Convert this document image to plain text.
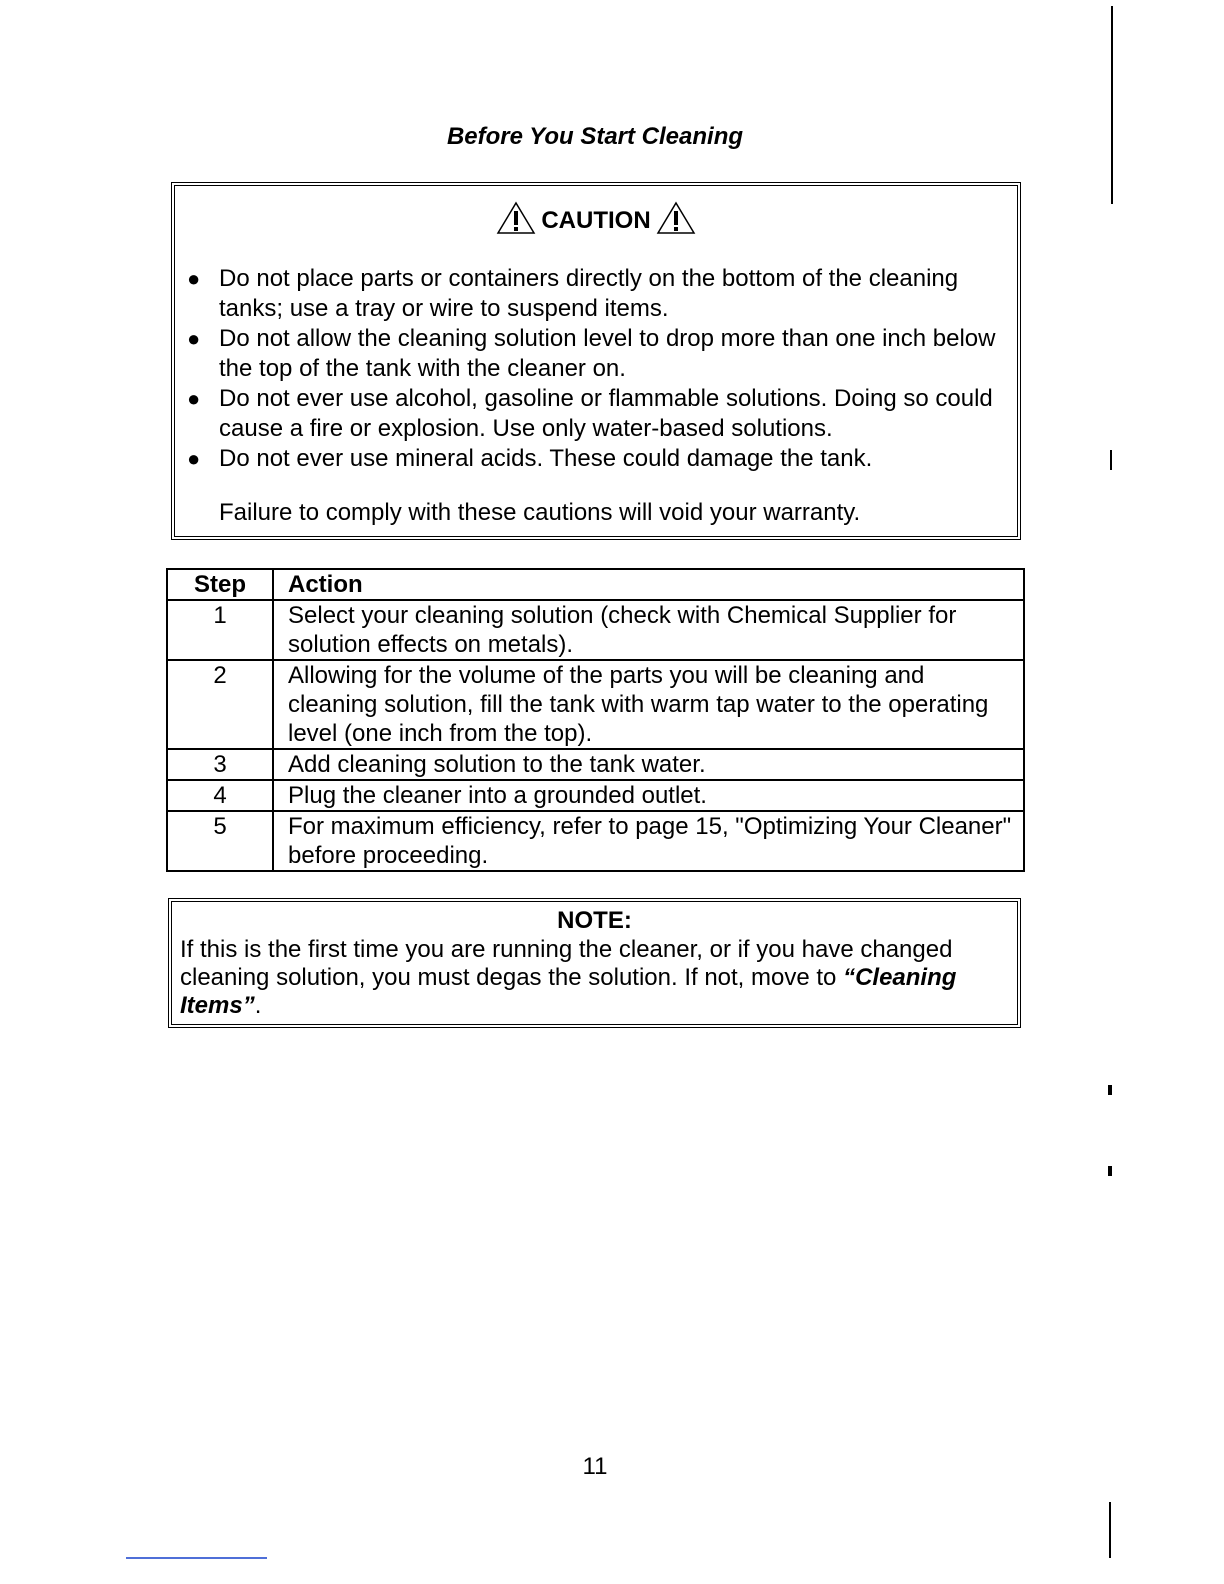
Before You Start Cleaning
CAUTION
● Do not place parts or containers directly on the bottom of the cleaning tanks; use a tray or wire to suspend items.
● Do not allow the cleaning solution level to drop more than one inch below the top of the tank with the cleaner on.
● Do not ever use alcohol, gasoline or flammable solutions. Doing so could cause a fire or explosion. Use only water-based solutions.
● Do not ever use mineral acids. These could damage the tank.
Failure to comply with these cautions will void your warranty.
Step	Action
1	Select your cleaning solution (check with Chemical Supplier for solution effects on metals).
2	Allowing for the volume of the parts you will be cleaning and cleaning solution, fill the tank with warm tap water to the operating level (one inch from the top).
3	Add cleaning solution to the tank water.
4	Plug the cleaner into a grounded outlet.
5	For maximum efficiency, refer to page 15, "Optimizing Your Cleaner" before proceeding.
NOTE:
If this is the first time you are running the cleaner, or if you have changed cleaning solution, you must degas the solution. If not, move to “Cleaning Items”.
11
